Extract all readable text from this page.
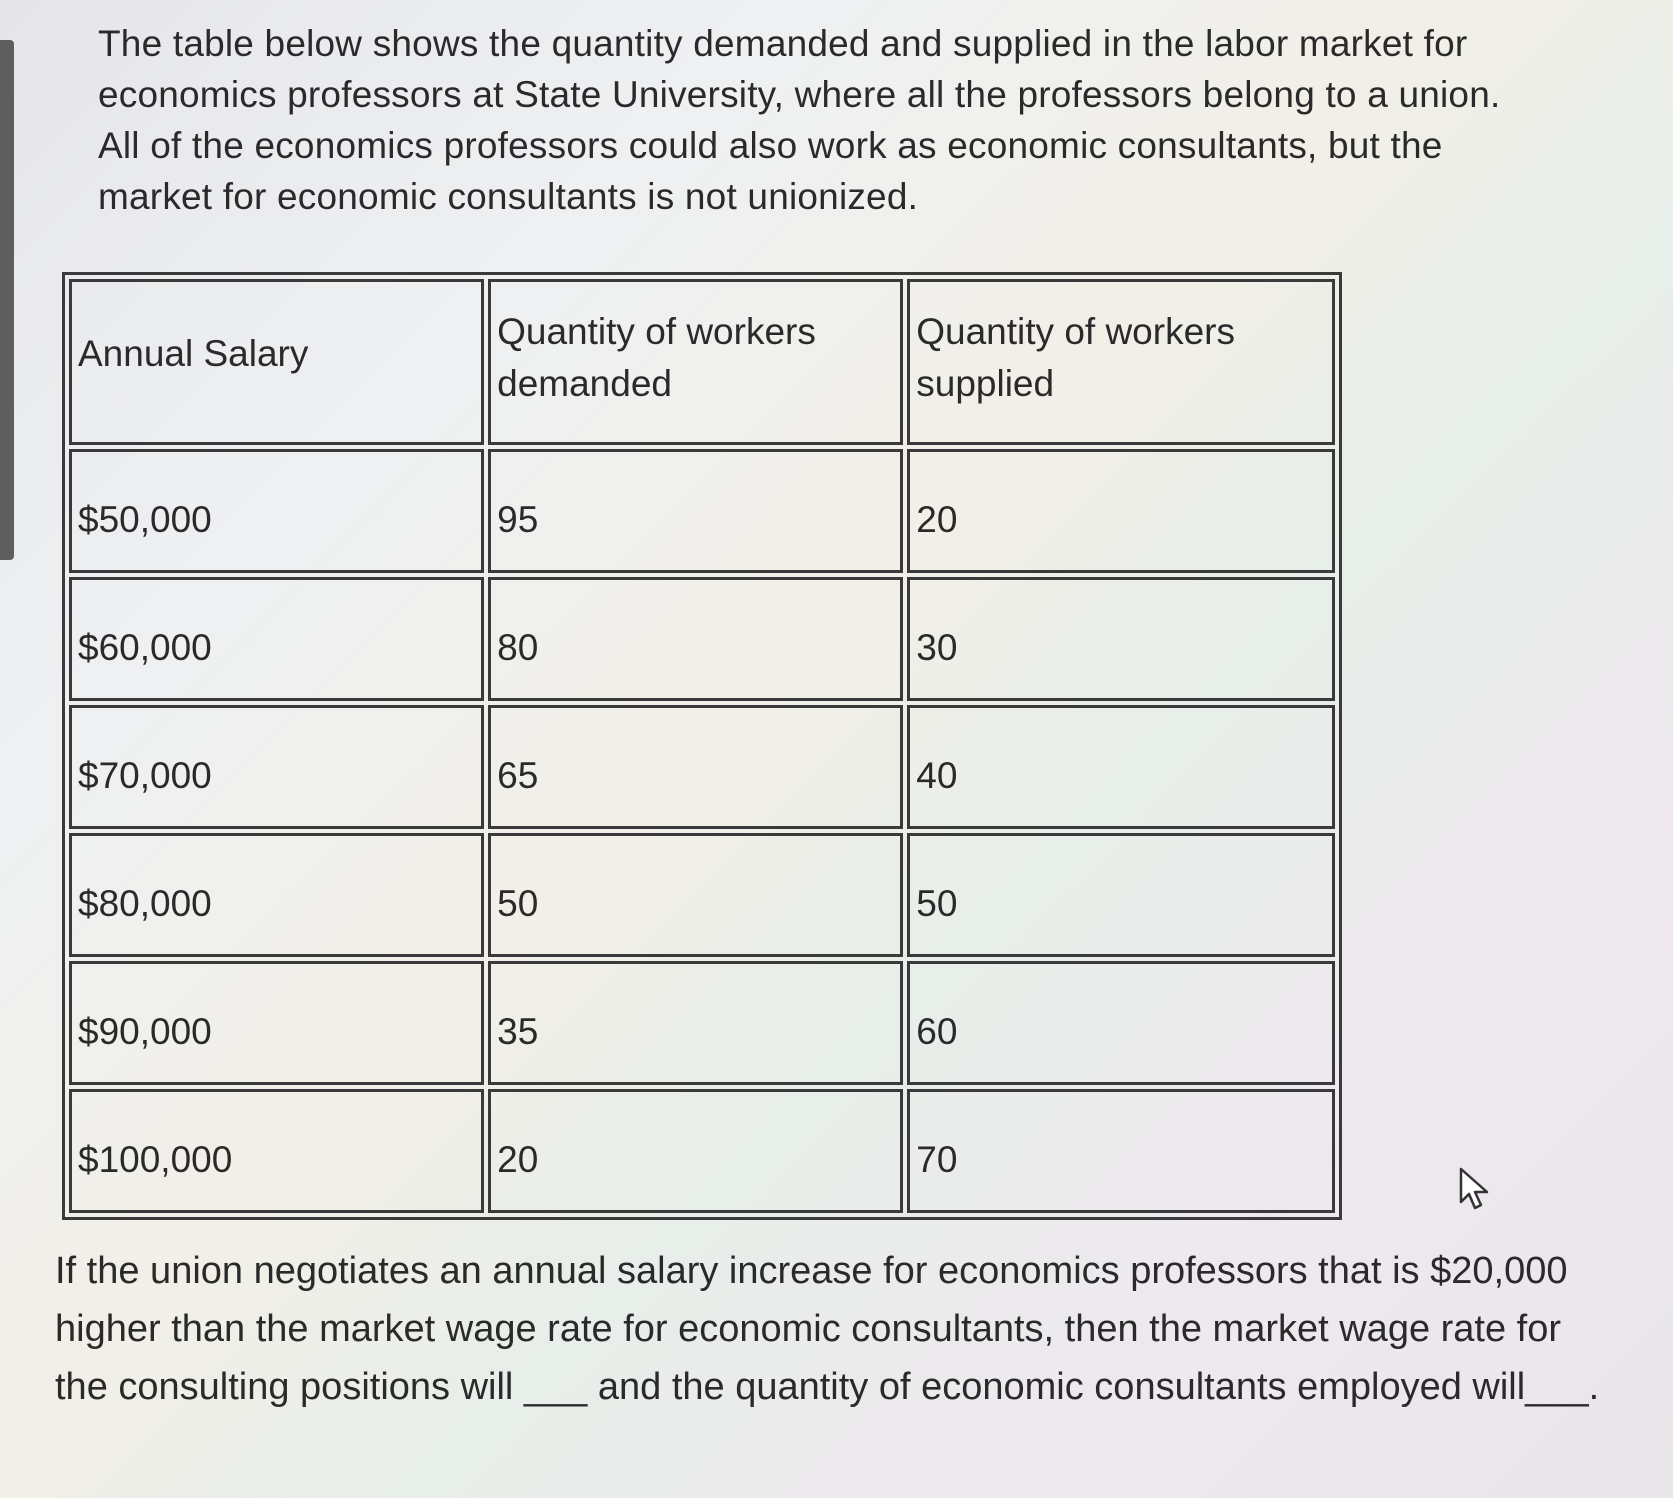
The table below shows the quantity demanded and supplied in the labor market for economics professors at State University, where all the professors belong to a union. All of the economics professors could also work as economic consultants, but the market for economic consultants is not unionized.

Annual Salary	Quantity of workers demanded	Quantity of workers supplied
$50,000	95	20
$60,000	80	30
$70,000	65	40
$80,000	50	50
$90,000	35	60
$100,000	20	70

If the union negotiates an annual salary increase for economics professors that is $20,000 higher than the market wage rate for economic consultants, then the market wage rate for the consulting positions will ___ and the quantity of economic consultants employed will___.
